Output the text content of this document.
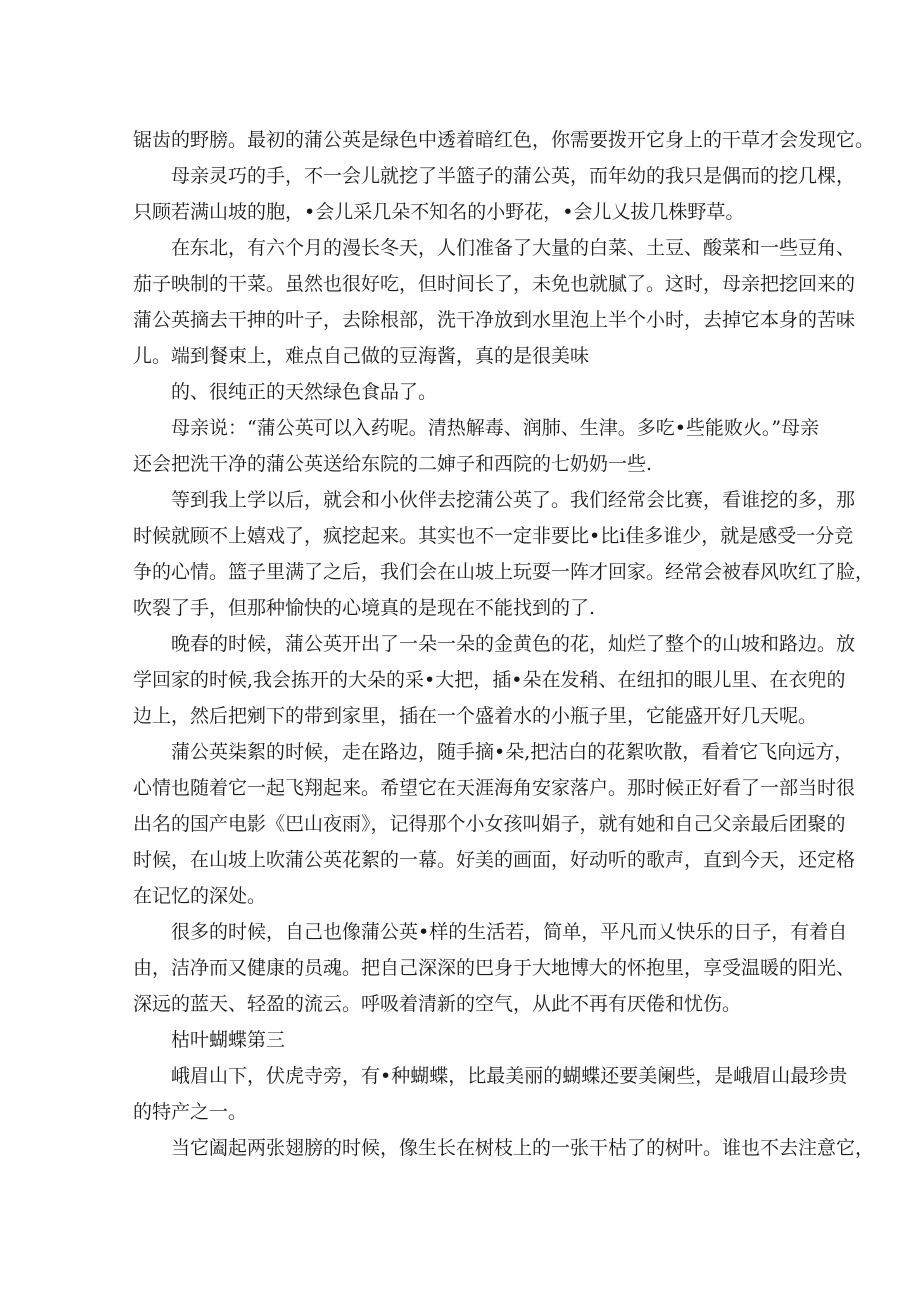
锯齿的野膀。最初的蒲公英是绿色中透着暗红色，你需要拨开它身上的干草才会发现它。
母亲灵巧的手，不一会儿就挖了半篮子的蒲公英，而年幼的我只是偶而的挖几棵，
只顾若满山坡的胞，•会儿采几朵不知名的小野花，•会儿乂拔几株野草。
在东北，有六个月的漫长冬天，人们准备了大量的白菜、土豆、酸菜和一些豆角、
茄子映制的干菜。虽然也很好吃，但时间长了，未免也就腻了。这时，母亲把挖回来的
蒲公英摘去干抻的叶子，去除根部，洗干净放到水里泡上半个小时，去掉它本身的苦味
儿。端到餐束上，难点自己做的豆海酱，真的是很美味
的、很纯正的天然绿色食品了。
母亲说：“蒲公英可以入药呢。清热解毒、润肺、生津。多吃•些能败火。”母亲
还会把洗干净的蒲公英送给东院的二婶子和西院的七奶奶一些.
等到我上学以后，就会和小伙伴去挖蒲公英了。我们经常会比赛，看谁挖的多，那
时候就顾不上嬉戏了，疯挖起来。其实也不一定非要比•比i佳多谁少，就是感受一分竞
争的心情。篮子里满了之后，我们会在山坡上玩耍一阵才回家。经常会被春风吹红了脸，
吹裂了手，但那种愉快的心境真的是现在不能找到的了.
晚春的时候，蒲公英开出了一朵一朵的金黄色的花，灿烂了整个的山坡和路边。放
学回家的时候,我会拣开的大朵的采•大把，插•朵在发稍、在纽扣的眼儿里、在衣兜的
边上，然后把剜下的带到家里，插在一个盛着水的小瓶子里，它能盛开好几天呢。
蒲公英柒絮的时候，走在路边，随手摘•朵,把沽白的花絮吹散，看着它飞向远方，
心情也随着它一起飞翔起来。希望它在天涯海角安家落户。那时候正好看了一部当时很
出名的国产电影《巴山夜雨》，记得那个小女孩叫娟子，就有她和自己父亲最后团聚的
时候，在山坡上吹蒲公英花絮的一幕。好美的画面，好动听的歌声，直到今天，还定格
在记忆的深处。
很多的时候，自己也像蒲公英•样的生活若，简单，平凡而乂快乐的日子，有着自
由，洁净而又健康的员魂。把自己深深的巴身于大地博大的怀抱里，享受温暖的阳光、
深远的蓝天、轻盈的流云。呼吸着清新的空气，从此不再有厌倦和忧伤。
枯叶蝴蝶第三
峨眉山下，伏虎寺旁，有•种蝴蝶，比最美丽的蝴蝶还要美阑些，是峨眉山最珍贵
的特产之一。
当它阖起两张翅膀的时候，像生长在树枝上的一张干枯了的树叶。谁也不去注意它，
